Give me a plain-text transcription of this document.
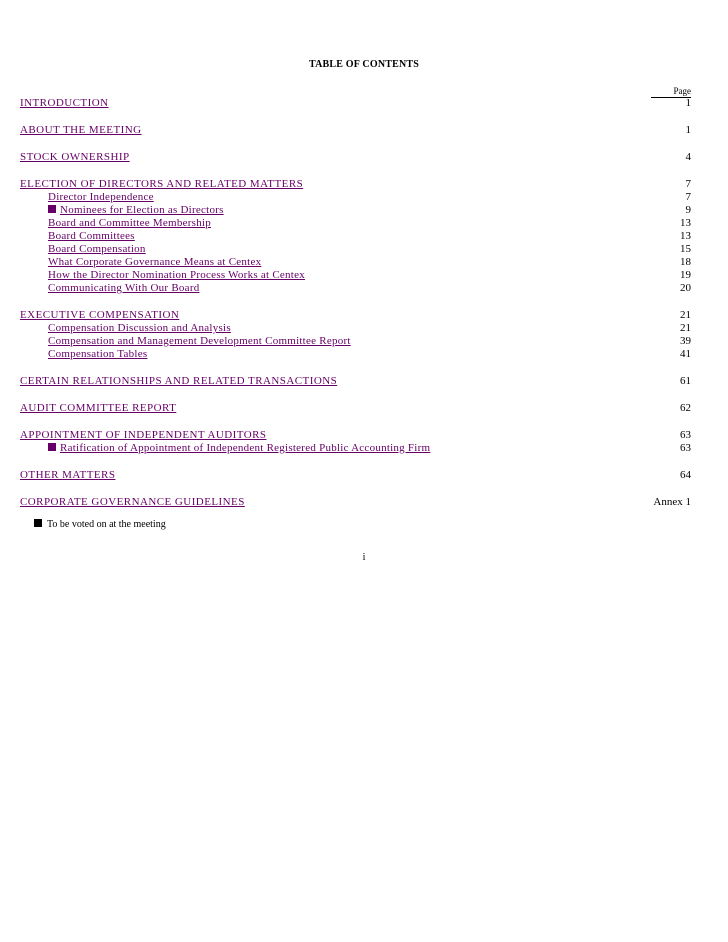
TABLE OF CONTENTS
Page
INTRODUCTION	1
ABOUT THE MEETING	1
STOCK OWNERSHIP	4
ELECTION OF DIRECTORS AND RELATED MATTERS	7
Director Independence	7
Nominees for Election as Directors	9
Board and Committee Membership	13
Board Committees	13
Board Compensation	15
What Corporate Governance Means at Centex	18
How the Director Nomination Process Works at Centex	19
Communicating With Our Board	20
EXECUTIVE COMPENSATION	21
Compensation Discussion and Analysis	21
Compensation and Management Development Committee Report	39
Compensation Tables	41
CERTAIN RELATIONSHIPS AND RELATED TRANSACTIONS	61
AUDIT COMMITTEE REPORT	62
APPOINTMENT OF INDEPENDENT AUDITORS	63
Ratification of Appointment of Independent Registered Public Accounting Firm	63
OTHER MATTERS	64
CORPORATE GOVERNANCE GUIDELINES	Annex 1
To be voted on at the meeting
i
